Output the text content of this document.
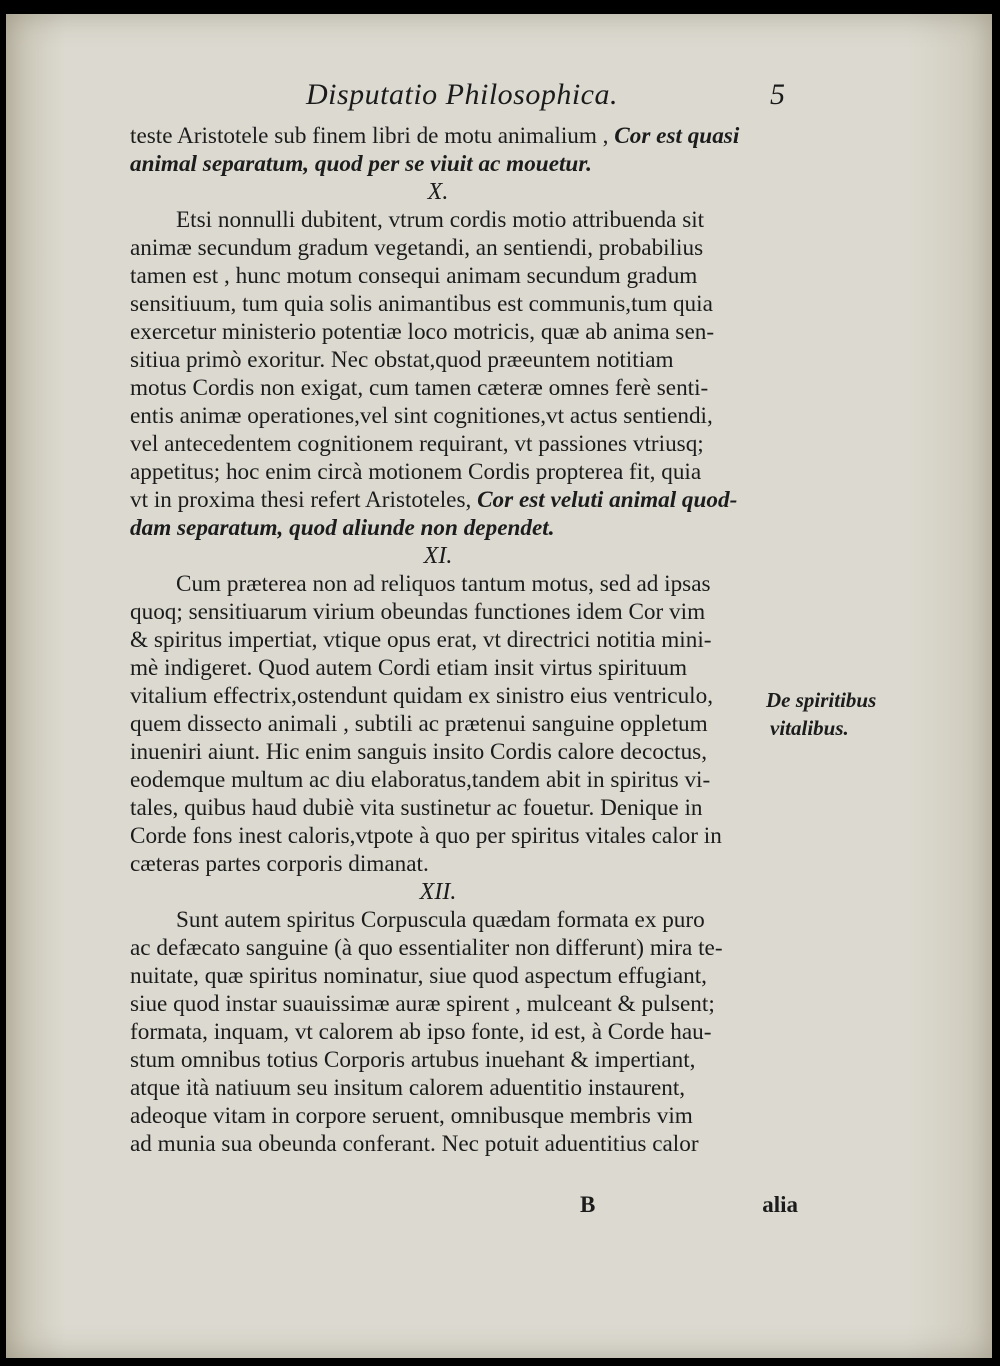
Disputatio Philosophica.	5
teste Aristotele sub finem libri de motu animalium , Cor est quasi
animal separatum, quod per se viuit ac mouetur.
X.
Etsi nonnulli dubitent, vtrum cordis motio attribuenda sit
animæ secundum gradum vegetandi, an sentiendi, probabilius
tamen est , hunc motum consequi animam secundum gradum
sensitiuum, tum quia solis animantibus est communis,tum quia
exercetur ministerio potentiæ loco motricis, quæ ab anima sen-
sitiua primò exoritur. Nec obstat,quod præeuntem notitiam
motus Cordis non exigat, cum tamen cæteræ omnes ferè senti-
entis animæ operationes,vel sint cognitiones,vt actus sentiendi,
vel antecedentem cognitionem requirant, vt passiones vtriusq;
appetitus; hoc enim circà motionem Cordis propterea fit, quia
vt in proxima thesi refert Aristoteles, Cor est veluti animal quod-
dam separatum, quod aliunde non dependet.
XI.
Cum præterea non ad reliquos tantum motus, sed ad ipsas
quoq; sensitiuarum virium obeundas functiones idem Cor vim
& spiritus impertiat, vtique opus erat, vt directrici notitia mini-
mè indigeret. Quod autem Cordi etiam insit virtus spirituum
vitalium effectrix,ostendunt quidam ex sinistro eius ventriculo,
quem dissecto animali , subtili ac prætenui sanguine oppletum
inueniri aiunt. Hic enim sanguis insito Cordis calore decoctus,
eodemque multum ac diu elaboratus,tandem abit in spiritus vi-
tales, quibus haud dubiè vita sustinetur ac fouetur. Denique in
Corde fons inest caloris,vtpote à quo per spiritus vitales calor in
cæteras partes corporis dimanat.
XII.
Sunt autem spiritus Corpuscula quædam formata ex puro
ac defæcato sanguine (à quo essentialiter non differunt) mira te-
nuitate, quæ spiritus nominatur, siue quod aspectum effugiant,
siue quod instar suauissimæ auræ spirent , mulceant & pulsent;
formata, inquam, vt calorem ab ipso fonte, id est, à Corde hau-
stum omnibus totius Corporis artubus inuehant & impertiant,
atque ità natiuum seu insitum calorem aduentitio instaurent,
adeoque vitam in corpore seruent, omnibusque membris vim
ad munia sua obeunda conferant. Nec potuit aduentitius calor
De spiritibus
vitalibus.
B	alia
